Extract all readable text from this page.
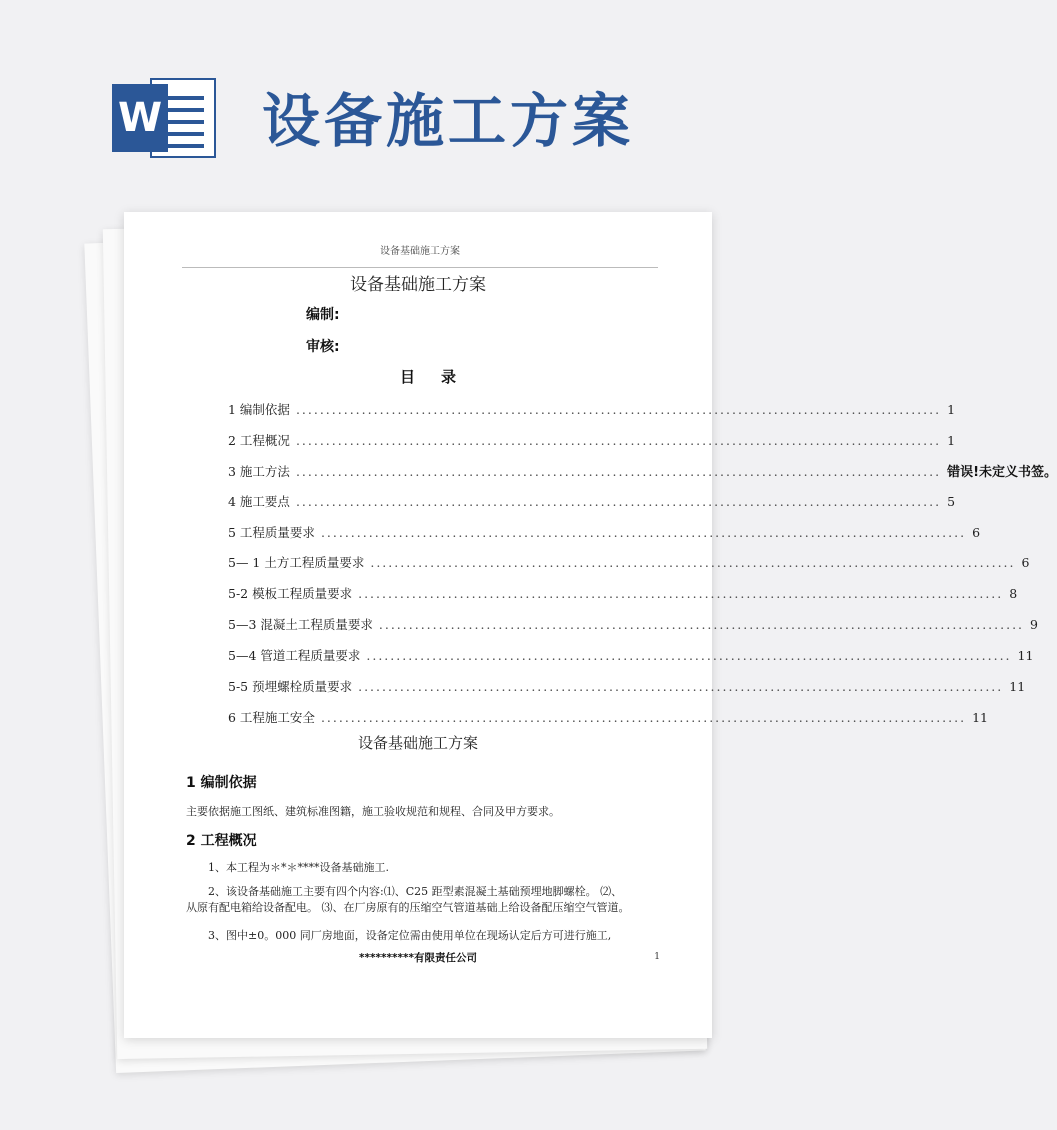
W 设备施工方案
设备基础施工方案
设备基础施工方案
编制:
审核:
目录
1 编制依据 ............................................................................................................ 1
2 工程概况 ............................................................................................................ 1
3 施工方法 ............................................................................................................ 错误!未定义书签。
4 施工要点 ............................................................................................................ 5
5 工程质量要求 ............................................................................................................ 6
5— 1 土方工程质量要求 ............................................................................................................ 6
5-2 模板工程质量要求 ............................................................................................................ 8
5—3 混凝土工程质量要求 ............................................................................................................ 9
5—4 管道工程质量要求 ............................................................................................................ 11
5-5 预埋螺栓质量要求 ............................................................................................................ 11
6 工程施工安全 ............................................................................................................ 11
设备基础施工方案
1 编制依据
主要依据施工图纸、建筑标准图籍，施工验收规范和规程、合同及甲方要求。
2 工程概况
1、本工程为＊*＊****设备基础施工.
2、该设备基础施工主要有四个内容:⑴、C25 距型素混凝土基础预埋地脚螺栓。 ⑵、
从原有配电箱给设备配电。 ⑶、在厂房原有的压缩空气管道基础上给设备配压缩空气管道。
3、图中±0。000 同厂房地面，设备定位需由使用单位在现场认定后方可进行施工,
**********有限责任公司	1
